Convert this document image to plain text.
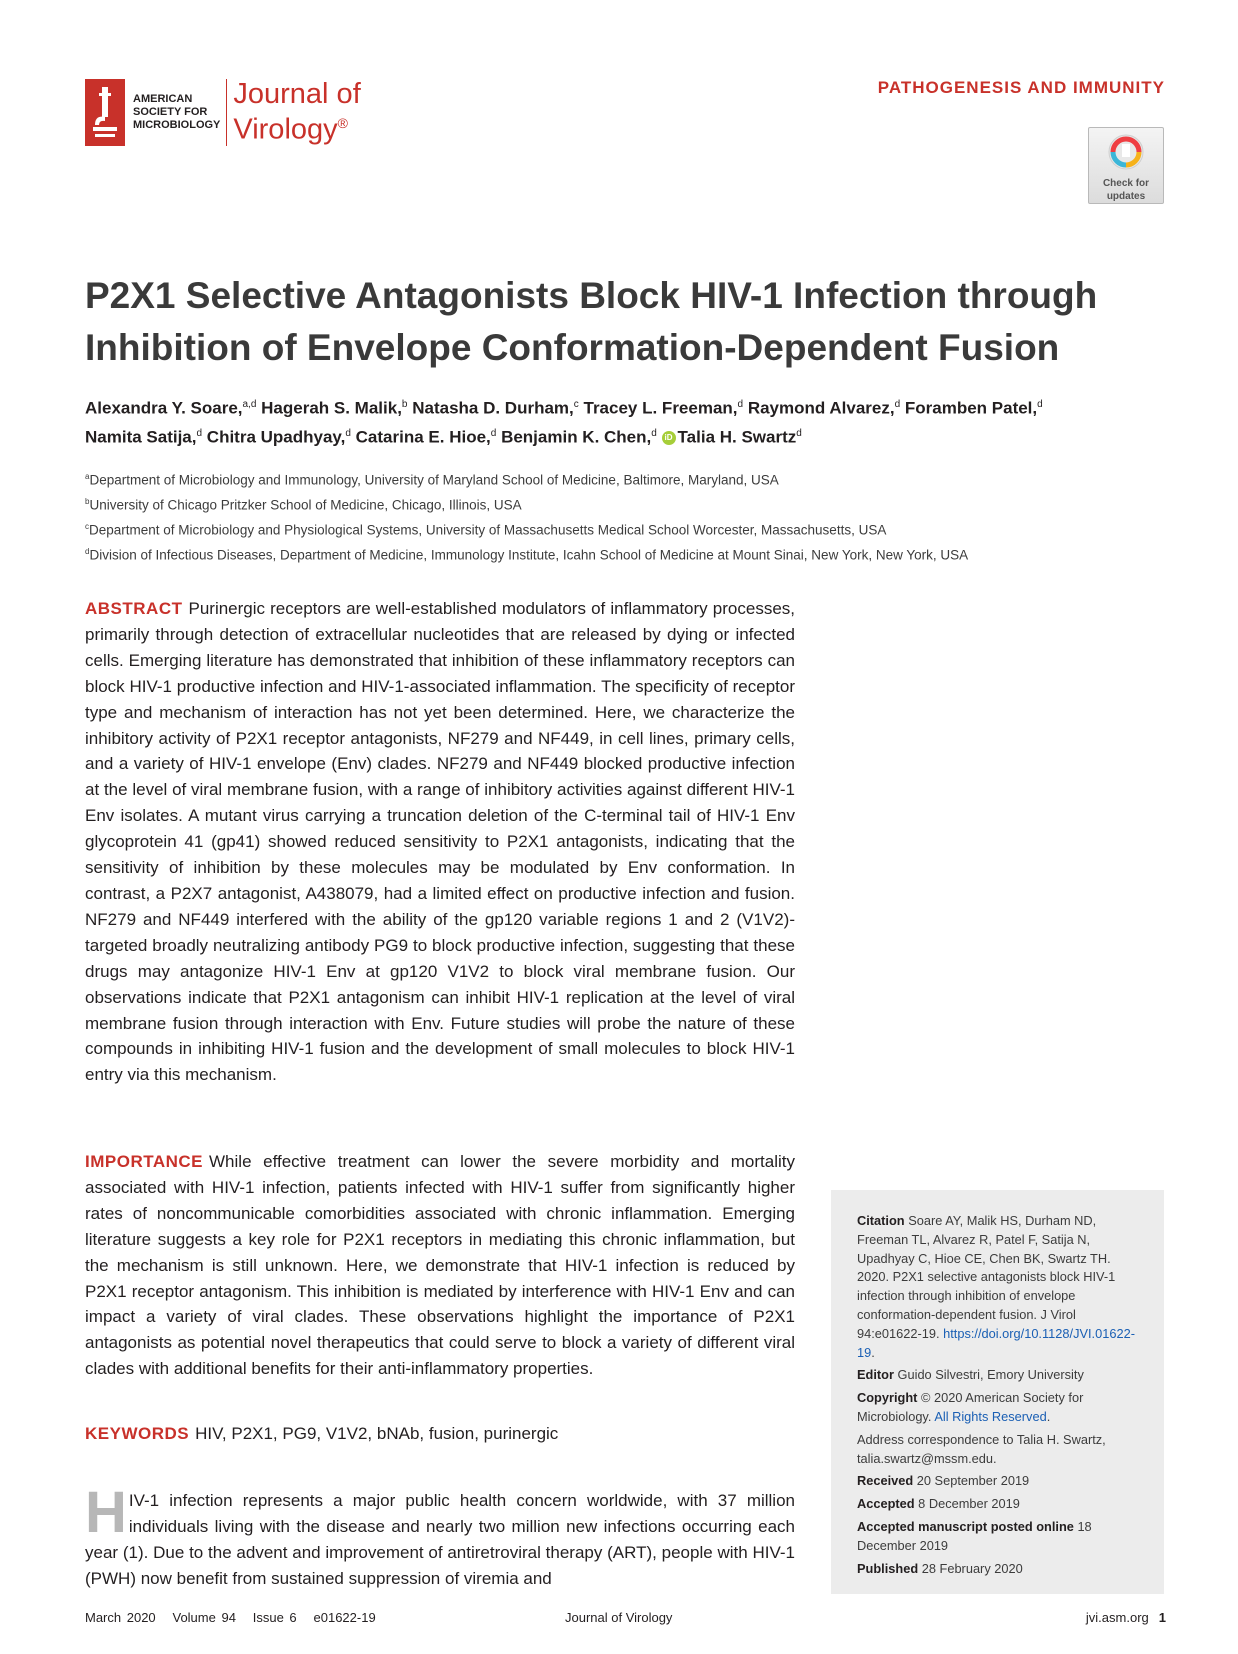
AMERICAN
SOCIETY FOR
MICROBIOLOGY
Journal of
Virology®
PATHOGENESIS AND IMMUNITY
Check for
updates
P2X1 Selective Antagonists Block HIV-1 Infection through Inhibition of Envelope Conformation-Dependent Fusion
Alexandra Y. Soare,$^{a,d}$ Hagerah S. Malik,$^b$ Natasha D. Durham,$^c$ Tracey L. Freeman,$^d$ Raymond Alvarez,$^d$ Foramben Patel,$^d$
Namita Satija,$^d$ Chitra Upadhyay,$^d$ Catarina E. Hioe,$^d$ Benjamin K. Chen,$^d$ iD Talia H. Swartz$^d$
$^a$Department of Microbiology and Immunology, University of Maryland School of Medicine, Baltimore, Maryland, USA
$^b$University of Chicago Pritzker School of Medicine, Chicago, Illinois, USA
$^c$Department of Microbiology and Physiological Systems, University of Massachusetts Medical School Worcester, Massachusetts, USA
$^d$Division of Infectious Diseases, Department of Medicine, Immunology Institute, Icahn School of Medicine at Mount Sinai, New York, New York, USA

ABSTRACT Purinergic receptors are well-established modulators of inflammatory processes, primarily through detection of extracellular nucleotides that are released by dying or infected cells. Emerging literature has demonstrated that inhibition of these inflammatory receptors can block HIV-1 productive infection and HIV-1-associated inflammation. The specificity of receptor type and mechanism of interaction has not yet been determined. Here, we characterize the inhibitory activity of P2X1 receptor antagonists, NF279 and NF449, in cell lines, primary cells, and a variety of HIV-1 envelope (Env) clades. NF279 and NF449 blocked productive infection at the level of viral membrane fusion, with a range of inhibitory activities against different HIV-1 Env isolates. A mutant virus carrying a truncation deletion of the C-terminal tail of HIV-1 Env glycoprotein 41 (gp41) showed reduced sensitivity to P2X1 antagonists, indicating that the sensitivity of inhibition by these molecules may be modulated by Env conformation. In contrast, a P2X7 antagonist, A438079, had a limited effect on productive infection and fusion. NF279 and NF449 interfered with the ability of the gp120 variable regions 1 and 2 (V1V2)-targeted broadly neutralizing antibody PG9 to block productive infection, suggesting that these drugs may antagonize HIV-1 Env at gp120 V1V2 to block viral membrane fusion. Our observations indicate that P2X1 antagonism can inhibit HIV-1 replication at the level of viral membrane fusion through interaction with Env. Future studies will probe the nature of these compounds in inhibiting HIV-1 fusion and the development of small molecules to block HIV-1 entry via this mechanism.

IMPORTANCE While effective treatment can lower the severe morbidity and mortality associated with HIV-1 infection, patients infected with HIV-1 suffer from significantly higher rates of noncommunicable comorbidities associated with chronic inflammation. Emerging literature suggests a key role for P2X1 receptors in mediating this chronic inflammation, but the mechanism is still unknown. Here, we demonstrate that HIV-1 infection is reduced by P2X1 receptor antagonism. This inhibition is mediated by interference with HIV-1 Env and can impact a variety of viral clades. These observations highlight the importance of P2X1 antagonists as potential novel therapeutics that could serve to block a variety of different viral clades with additional benefits for their anti-inflammatory properties.

KEYWORDS HIV, P2X1, PG9, V1V2, bNAb, fusion, purinergic

HIV-1 infection represents a major public health concern worldwide, with 37 million individuals living with the disease and nearly two million new infections occurring each year (1). Due to the advent and improvement of antiretroviral therapy (ART), people with HIV-1 (PWH) now benefit from sustained suppression of viremia and

Citation Soare AY, Malik HS, Durham ND, Freeman TL, Alvarez R, Patel F, Satija N, Upadhyay C, Hioe CE, Chen BK, Swartz TH. 2020. P2X1 selective antagonists block HIV-1 infection through inhibition of envelope conformation-dependent fusion. J Virol 94:e01622-19. https://doi.org/10.1128/JVI.01622-19.

Editor Guido Silvestri, Emory University

Copyright © 2020 American Society for Microbiology. All Rights Reserved.

Address correspondence to Talia H. Swartz, talia.swartz@mssm.edu.

Received 20 September 2019

Accepted 8 December 2019

Accepted manuscript posted online 18 December 2019

Published 28 February 2020

March 2020   Volume 94   Issue 6   e01622-19	Journal of Virology	jvi.asm.org 1
